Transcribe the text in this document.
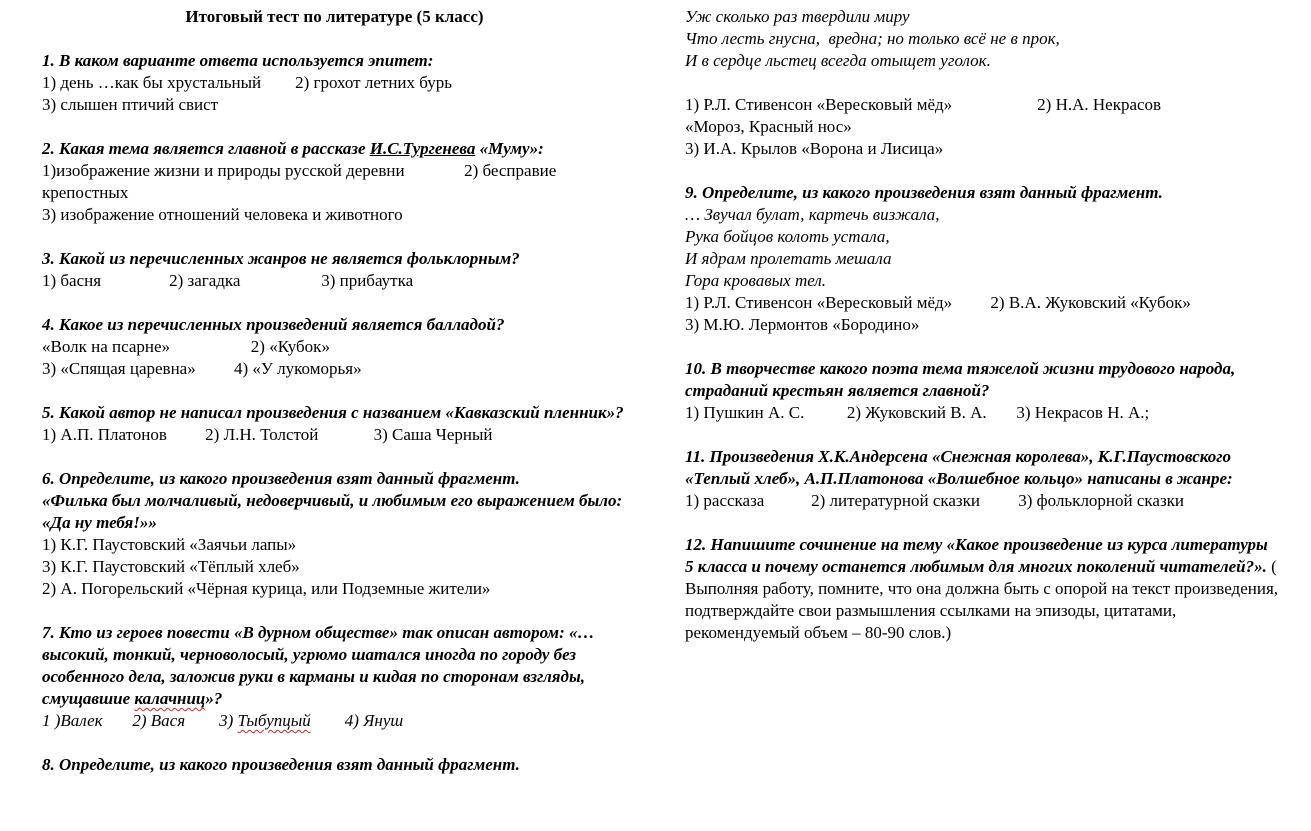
Итоговый тест по литературе (5 класс)
1. В каком варианте ответа используется эпитет:
1) день …как бы хрустальный        2) грохот летних бурь
3) слышен птичий свист
2. Какая тема является главной в рассказе И.С.Тургенева «Муму»:
1)изображение жизни и природы русской деревни              2) бесправие
крепостных
3) изображение отношений человека и животного
3. Какой из перечисленных жанров не является фольклорным?
1) басня                2) загадка                   3) прибаутка
4. Какое из перечисленных произведений является балладой?
«Волк на псарне»                   2) «Кубок»
3) «Спящая царевна»         4) «У лукоморья»
5. Какой автор не написал произведения с названием «Кавказский пленник»?
1) А.П. Платонов         2) Л.Н. Толстой             3) Саша Черный
6. Определите, из какого произведения взят данный фрагмент.
«Филька был молчаливый, недоверчивый, и любимым его выражением было: «Да ну тебя!»»
1) К.Г. Паустовский «Заячьи лапы»
3) К.Г. Паустовский «Тёплый хлеб»
2) А. Погорельский «Чёрная курица, или Подземные жители»
7. Кто из героев повести «В дурном обществе» так описан автором: «…высокий, тонкий, черноволосый, угрюмо шатался иногда по городу без особенного дела, заложив руки в карманы и кидая по сторонам взгляды, смущавшие калачниц»?
1 )Валек       2) Вася        3) Тыбупцый        4) Януш
8. Определите, из какого произведения взят данный фрагмент.
Уж сколько раз твердили миру
Что лесть гнусна,  вредна; но только всё не в прок,
И в сердце льстец всегда отыщет уголок.
1) Р.Л. Стивенсон «Вересковый мёд»                    2) Н.А. Некрасов
«Мороз, Красный нос»
3) И.А. Крылов «Ворона и Лисица»
9. Определите, из какого произведения взят данный фрагмент.
… Звучал булат, картечь визжала,
Рука бойцов колоть устала,
И ядрам пролетать мешала
Гора кровавых тел.
1) Р.Л. Стивенсон «Вересковый мёд»         2) В.А. Жуковский «Кубок»
3) М.Ю. Лермонтов «Бородино»
10. В творчестве какого поэта тема тяжелой жизни трудового народа, страданий крестьян является главной?
1) Пушкин А. С.          2) Жуковский В. А.       3) Некрасов Н. А.;
11. Произведения Х.К.Андерсена «Снежная королева», К.Г.Паустовского «Теплый хлеб», А.П.Платонова «Волшебное кольцо» написаны в жанре:
1) рассказа           2) литературной сказки         3) фольклорной сказки
12. Напишите сочинение на тему «Какое произведение из курса литературы 5 класса и почему останется любимым для многих поколений читателей?». ( Выполняя работу, помните, что она должна быть с опорой на текст произведения, подтверждайте свои размышления ссылками на эпизоды, цитатами, рекомендуемый объем – 80-90 слов.)
